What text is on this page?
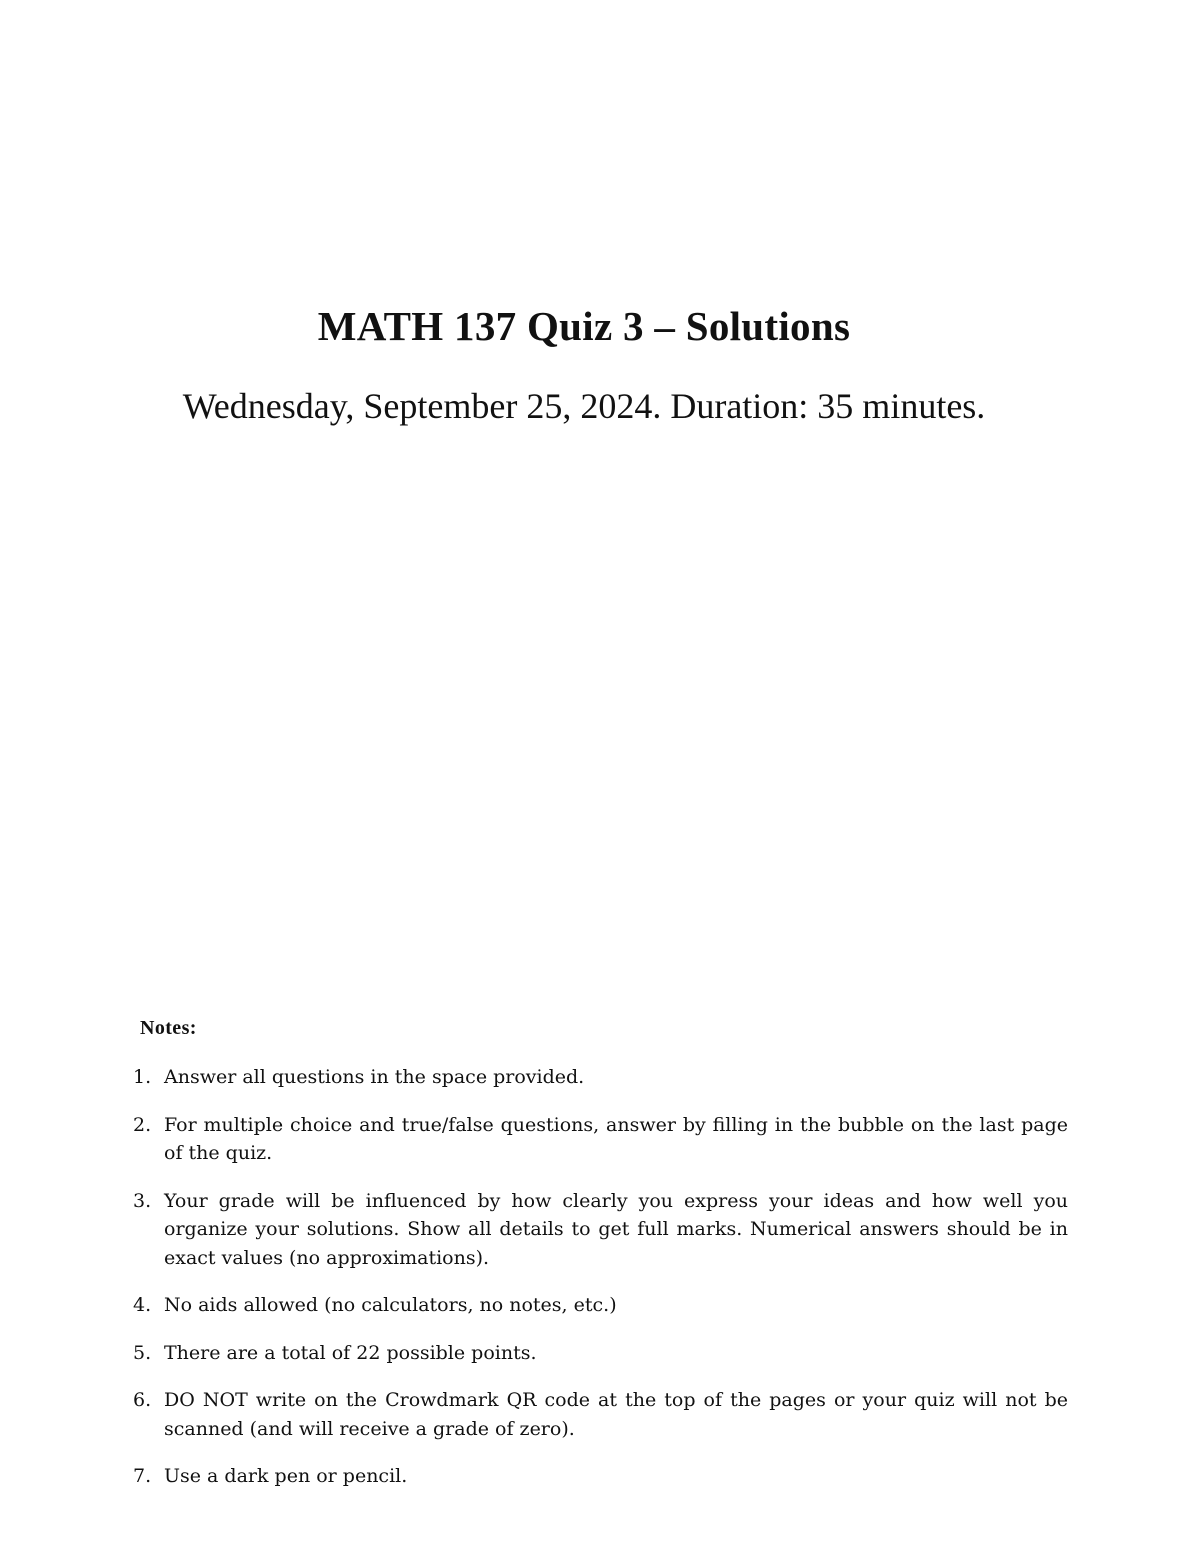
MATH 137 Quiz 3 – Solutions

Wednesday, September 25, 2024. Duration: 35 minutes.

Notes:

1. Answer all questions in the space provided.
2. For multiple choice and true/false questions, answer by filling in the bubble on the last page of the quiz.
3. Your grade will be influenced by how clearly you express your ideas and how well you organize your solutions. Show all details to get full marks. Numerical answers should be in exact values (no approximations).
4. No aids allowed (no calculators, no notes, etc.)
5. There are a total of 22 possible points.
6. DO NOT write on the Crowdmark QR code at the top of the pages or your quiz will not be scanned (and will receive a grade of zero).
7. Use a dark pen or pencil.
